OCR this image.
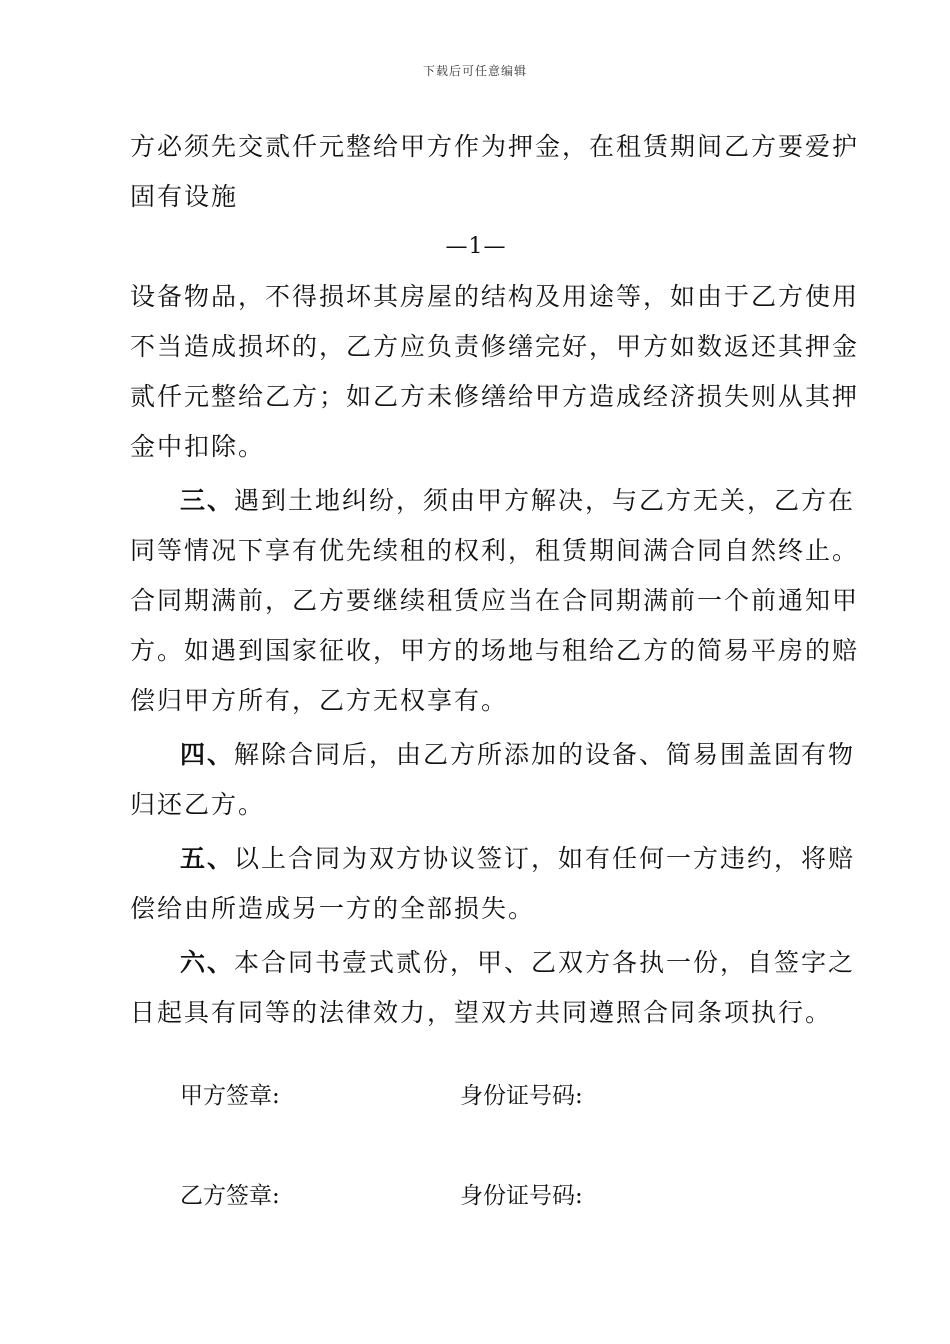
下载后可任意编辑
方必须先交贰仟元整给甲方作为押金，在租赁期间乙方要爱护
固有设施
—1—
设备物品，不得损坏其房屋的结构及用途等，如由于乙方使用
不当造成损坏的，乙方应负责修缮完好，甲方如数返还其押金
贰仟元整给乙方；如乙方未修缮给甲方造成经济损失则从其押
金中扣除。
三、遇到土地纠纷，须由甲方解决，与乙方无关，乙方在
同等情况下享有优先续租的权利，租赁期间满合同自然终止。
合同期满前，乙方要继续租赁应当在合同期满前一个前通知甲
方。如遇到国家征收，甲方的场地与租给乙方的简易平房的赔
偿归甲方所有，乙方无权享有。
四、解除合同后，由乙方所添加的设备、简易围盖固有物
归还乙方。
五、以上合同为双方协议签订，如有任何一方违约，将赔
偿给由所造成另一方的全部损失。
六、本合同书壹式贰份，甲、乙双方各执一份，自签字之
日起具有同等的法律效力，望双方共同遵照合同条项执行。
甲方签章:	身份证号码:
乙方签章:	身份证号码:
